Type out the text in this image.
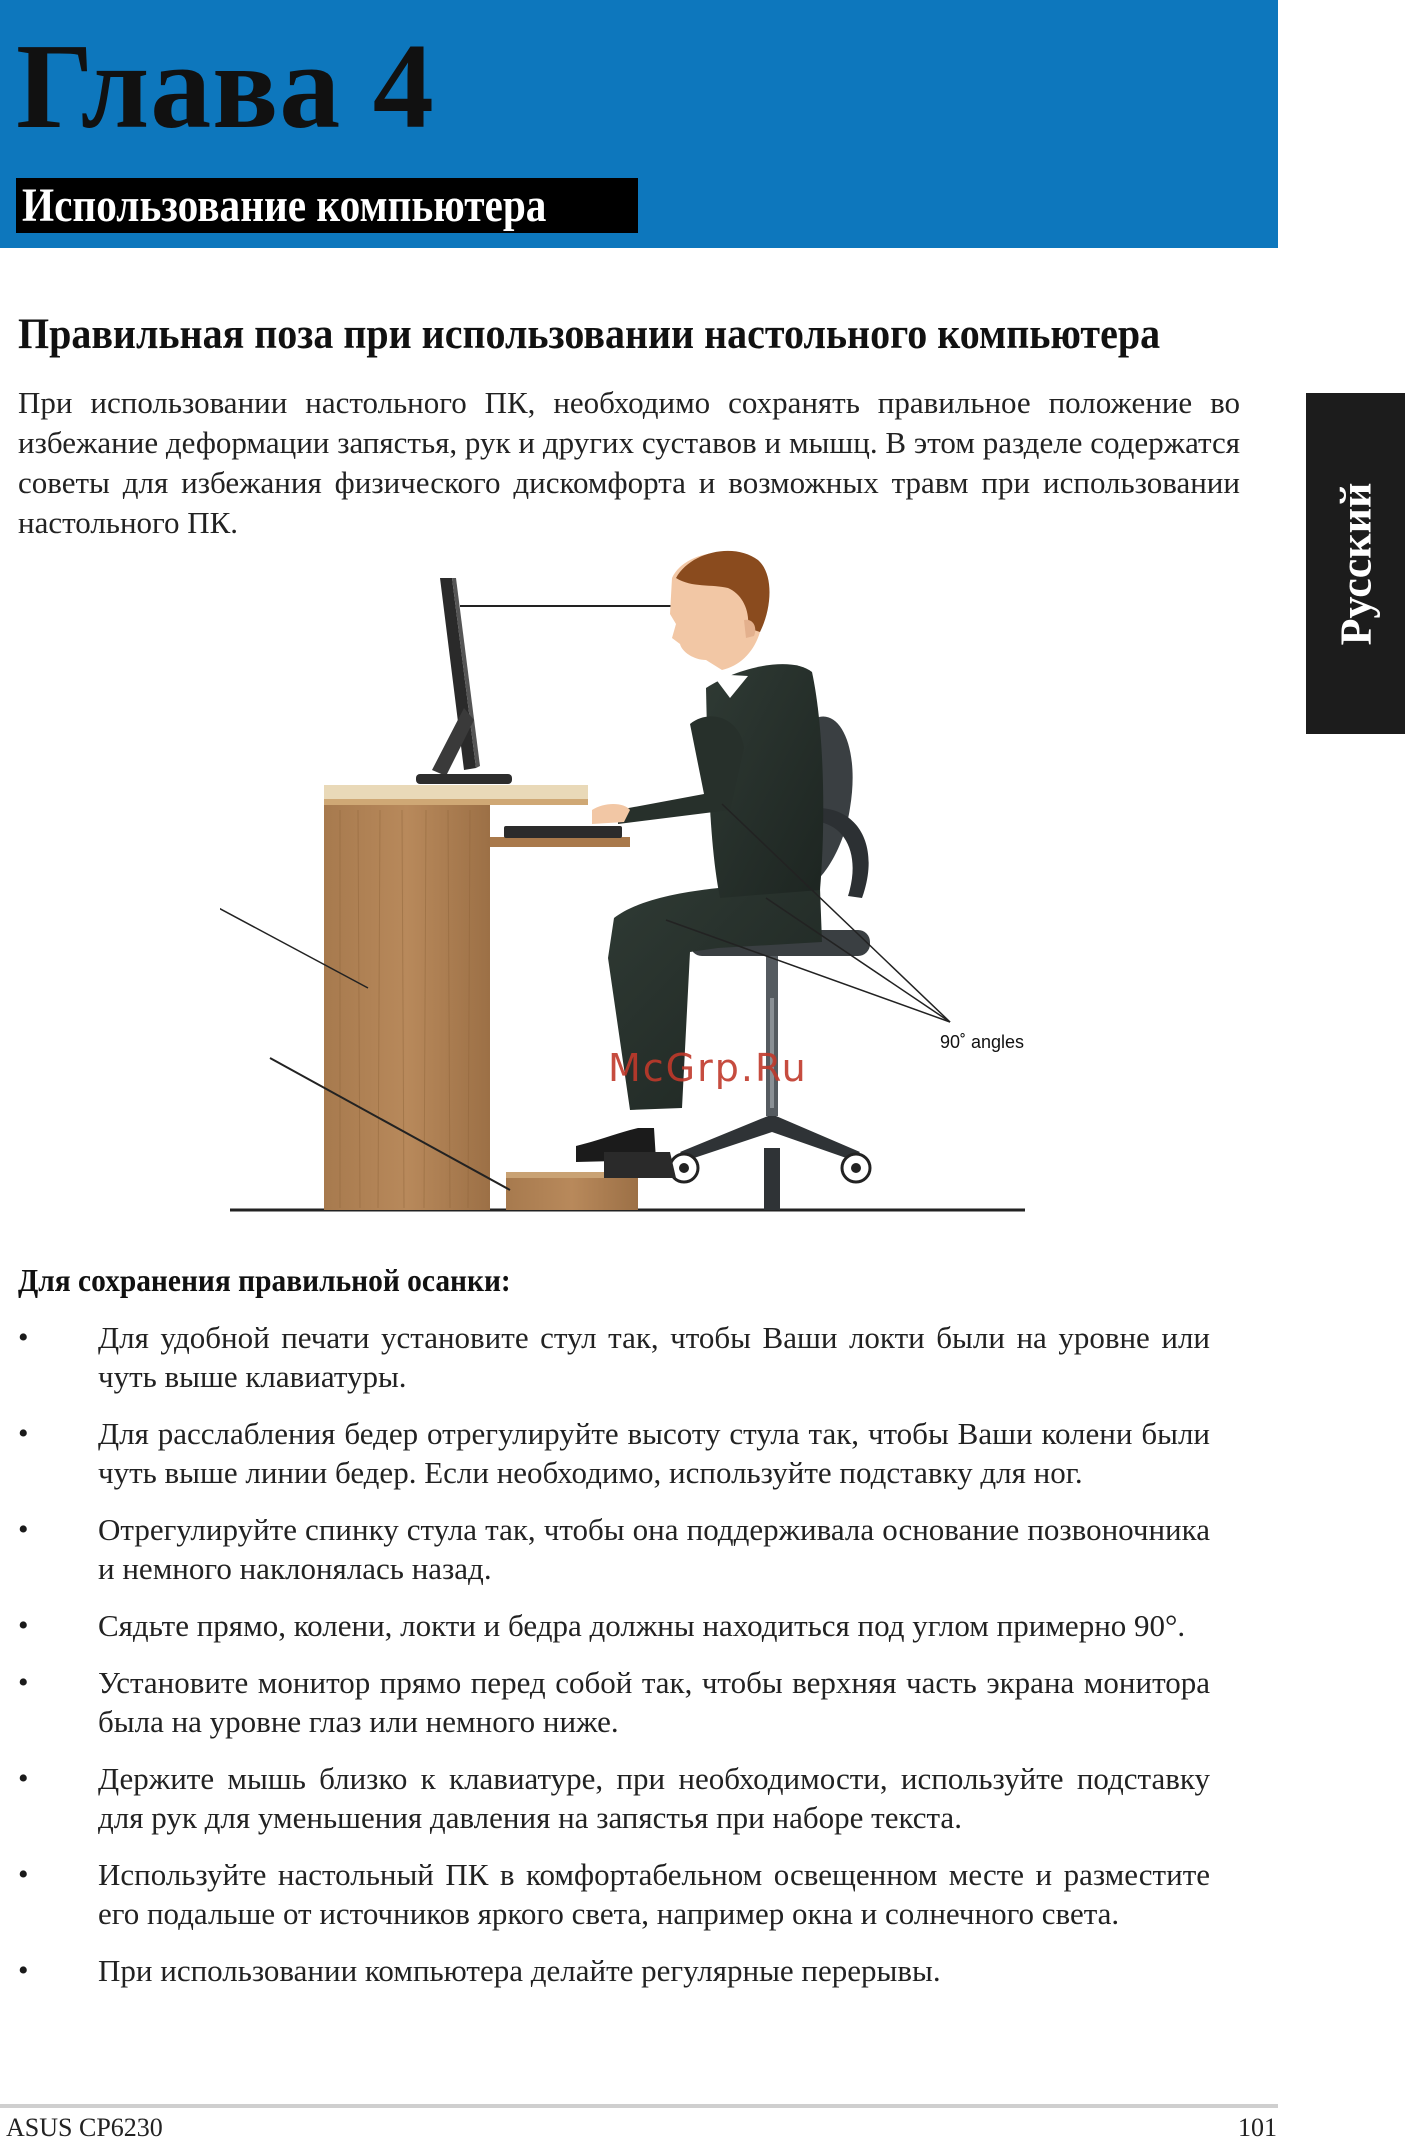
Глава 4
Использование компьютера
Русский
Правильная поза при использовании настольного компьютера

При использовании настольного ПК, необходимо сохранять правильное положение во избежание деформации запястья, рук и других суставов и мышц. В этом разделе содержатся советы для избежания физического дискомфорта и возможных травм при использовании настольного ПК.

90˚ angles
McGrp.Ru
Для сохранения правильной осанки:
•	Для удобной печати установите стул так, чтобы Ваши локти были на уровне или чуть выше клавиатуры.
•	Для расслабления бедер отрегулируйте высоту стула так, чтобы Ваши колени были чуть выше линии бедер. Если необходимо, используйте подставку для ног.
•	Отрегулируйте спинку стула так, чтобы она поддерживала основание позвоночника и немного наклонялась назад.
•	Сядьте прямо, колени, локти и бедра должны находиться под углом примерно 90°.
•	Установите монитор прямо перед собой так, чтобы верхняя часть экрана монитора была на уровне глаз или немного ниже.
•	Держите мышь близко к клавиатуре, при необходимости, используйте подставку для рук для уменьшения давления на запястья при наборе текста.
•	Используйте настольный ПК в комфортабельном освещенном месте и разместите его подальше от источников яркого света, например окна и солнечного света.
•	При использовании компьютера делайте регулярные перерывы.
ASUS CP6230	101
